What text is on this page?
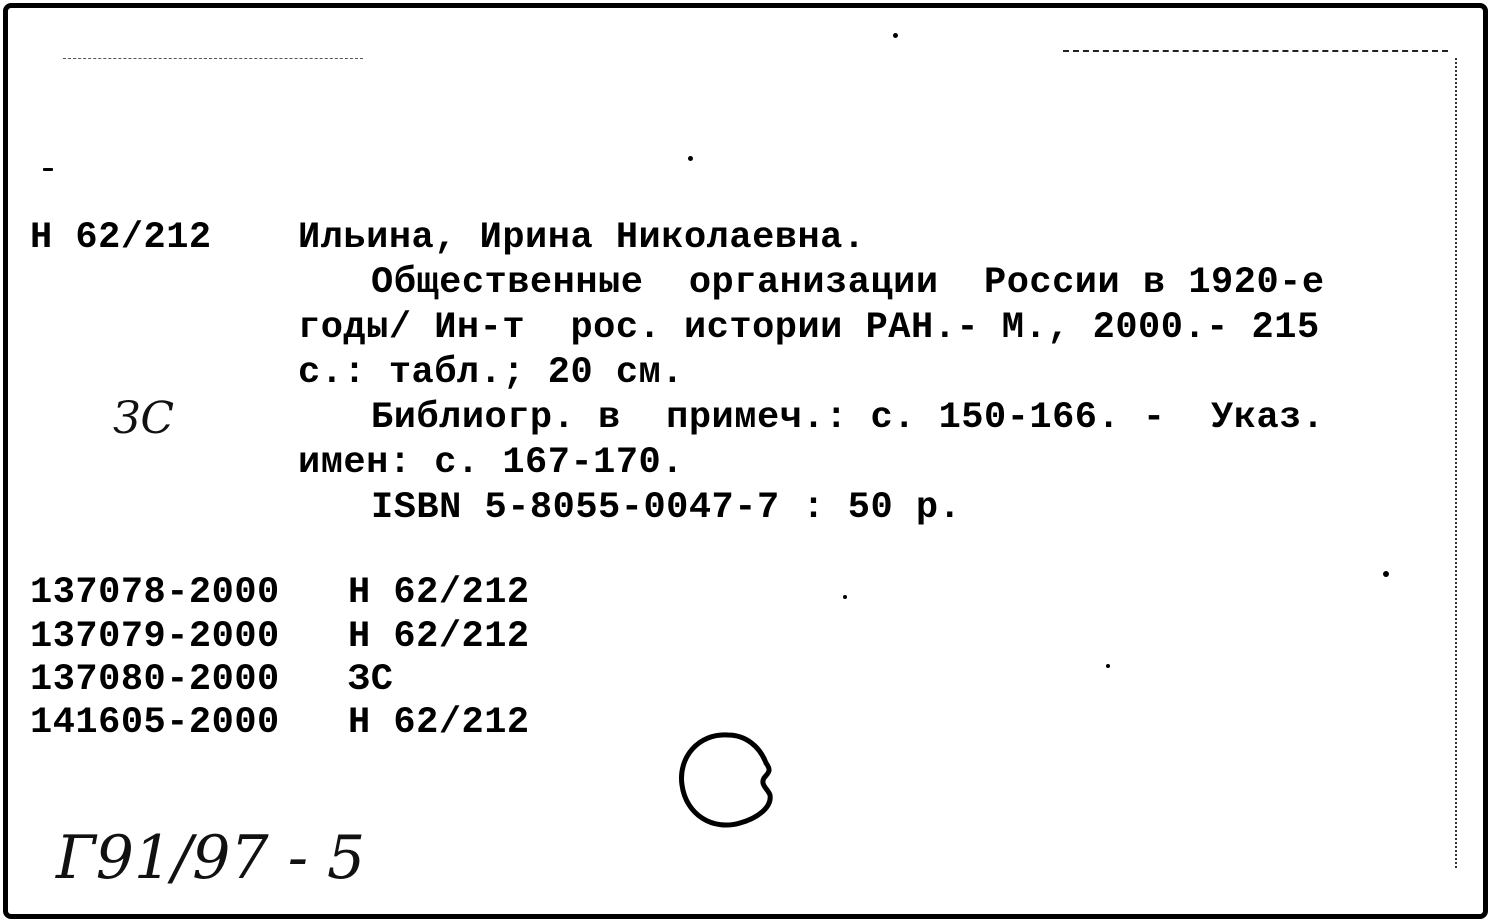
Н 62/212 Ильина, Ирина Николаевна.
Общественные  организации  России в 1920-е
годы/ Ин-т  рос. истории РАН.- М., 2000.- 215
с.: табл.; 20 см.
Библиогр. в  примеч.: с. 150-166. -  Указ.
имен: с. 167-170.
ISBN 5-8055-0047-7 : 50 р.
ЗС
137078-2000 Н 62/212
137079-2000 Н 62/212
137080-2000 ЗС
141605-2000 Н 62/212
Г91/97 - 5
